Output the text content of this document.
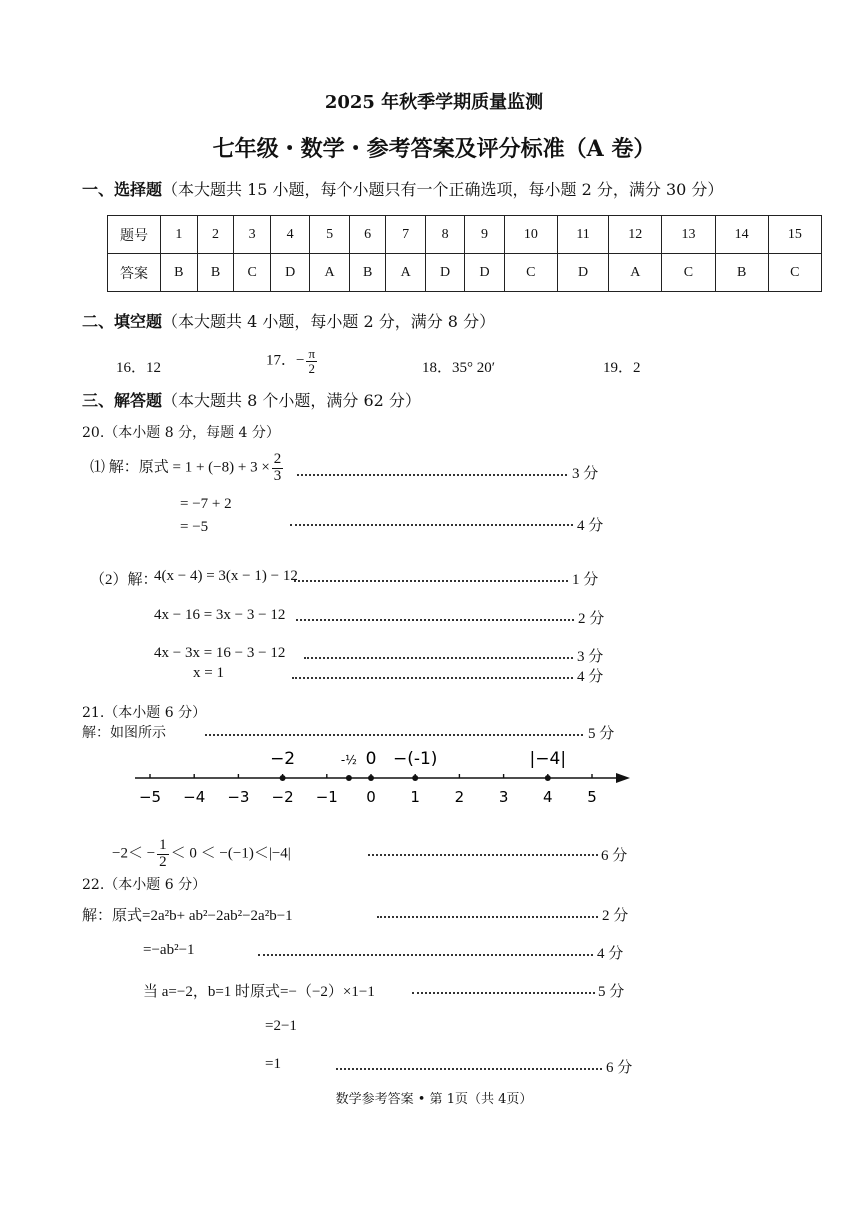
2025 年秋季学期质量监测
七年级・数学・参考答案及评分标准（A 卷）
一、选择题（本大题共 15 小题，每个小题只有一个正确选项，每小题 2 分，满分 30 分）
题号	1	2	3	4	5	6	7	8	9	10	11	12	13	14	15
答案	B	B	C	D	A	B	A	D	D	C	D	A	C	B	C
二、填空题（本大题共 4 小题，每小题 2 分，满分 8 分）
16．12	17．− $\frac{\pi}{2}$	18．35° 20′	19．2
三、解答题（本大题共 8 个小题，满分 62 分）
20.（本小题 8 分，每题 4 分）
⑴ 解：原式 = $1 + (-8) + 3 \times \frac{2}{3}$	3 分
= −7 + 2
= −5	4 分
（2）解：
4(x − 4) = 3(x − 1) − 12	1 分
4x − 16 = 3x − 3 − 12	2 分
4x − 3x = 16 − 3 − 12	3 分
x = 1	4 分
21.（本小题 6 分）
解：如图所示	5 分
−5 −4 −3 −2 −1 0 1 2 3 4 5
−2	-½ 0 −(-1)	|−4|
$-2< - \frac{1}{2} < 0 < -(-1)<|-4|$	6 分
22.（本小题 6 分）
解：原式=2a²b+ ab²−2ab²−2a²b−1	2 分
=−ab²−1	4 分
当 a=−2，b=1 时原式=−（−2）×1−1	5 分
=2−1
=1	6 分
数学参考答案 • 第 1页（共 4页）
